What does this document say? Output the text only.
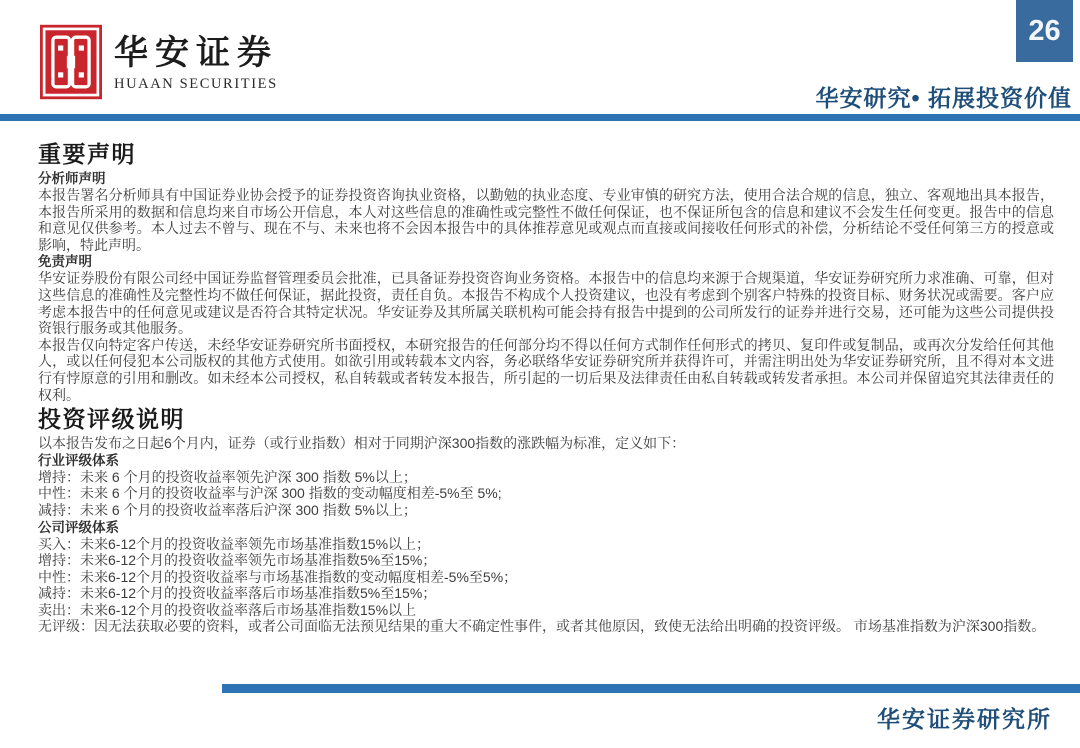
华安证券
HUAAN SECURITIES
26
华安研究• 拓展投资价值
重要声明
分析师声明

本报告署名分析师具有中国证券业协会授予的证券投资咨询执业资格，以勤勉的执业态度、专业审慎的研究方法，使用合法合规的信息，独立、客观地出具本报告，本报告所采用的数据和信息均来自市场公开信息，本人对这些信息的准确性或完整性不做任何保证，也不保证所包含的信息和建议不会发生任何变更。报告中的信息和意见仅供参考。本人过去不曾与、现在不与、未来也将不会因本报告中的具体推荐意见或观点而直接或间接收任何形式的补偿，分析结论不受任何第三方的授意或影响，特此声明。

免责声明

华安证券股份有限公司经中国证券监督管理委员会批准，已具备证券投资咨询业务资格。本报告中的信息均来源于合规渠道，华安证券研究所力求准确、可靠，但对这些信息的准确性及完整性均不做任何保证，据此投资，责任自负。本报告不构成个人投资建议，也没有考虑到个别客户特殊的投资目标、财务状况或需要。客户应考虑本报告中的任何意见或建议是否符合其特定状况。华安证券及其所属关联机构可能会持有报告中提到的公司所发行的证券并进行交易，还可能为这些公司提供投资银行服务或其他服务。

本报告仅向特定客户传送，未经华安证券研究所书面授权，本研究报告的任何部分均不得以任何方式制作任何形式的拷贝、复印件或复制品，或再次分发给任何其他人，或以任何侵犯本公司版权的其他方式使用。如欲引用或转载本文内容，务必联络华安证券研究所并获得许可，并需注明出处为华安证券研究所，且不得对本文进行有悖原意的引用和删改。如未经本公司授权，私自转载或者转发本报告，所引起的一切后果及法律责任由私自转载或转发者承担。本公司并保留追究其法律责任的权利。

投资评级说明

以本报告发布之日起6个月内，证券（或行业指数）相对于同期沪深300指数的涨跌幅为标准，定义如下：

行业评级体系

增持：未来 6 个月的投资收益率领先沪深 300 指数 5%以上；

中性：未来 6 个月的投资收益率与沪深 300 指数的变动幅度相差-5%至 5%;

减持：未来 6 个月的投资收益率落后沪深 300 指数 5%以上；

公司评级体系

买入：未来6-12个月的投资收益率领先市场基准指数15%以上；

增持：未来6-12个月的投资收益率领先市场基准指数5%至15%；

中性：未来6-12个月的投资收益率与市场基准指数的变动幅度相差-5%至5%；

减持：未来6-12个月的投资收益率落后市场基准指数5%至15%；

卖出：未来6-12个月的投资收益率落后市场基准指数15%以上

无评级：因无法获取必要的资料，或者公司面临无法预见结果的重大不确定性事件，或者其他原因，致使无法给出明确的投资评级。 市场基准指数为沪深300指数。

华安证券研究所
